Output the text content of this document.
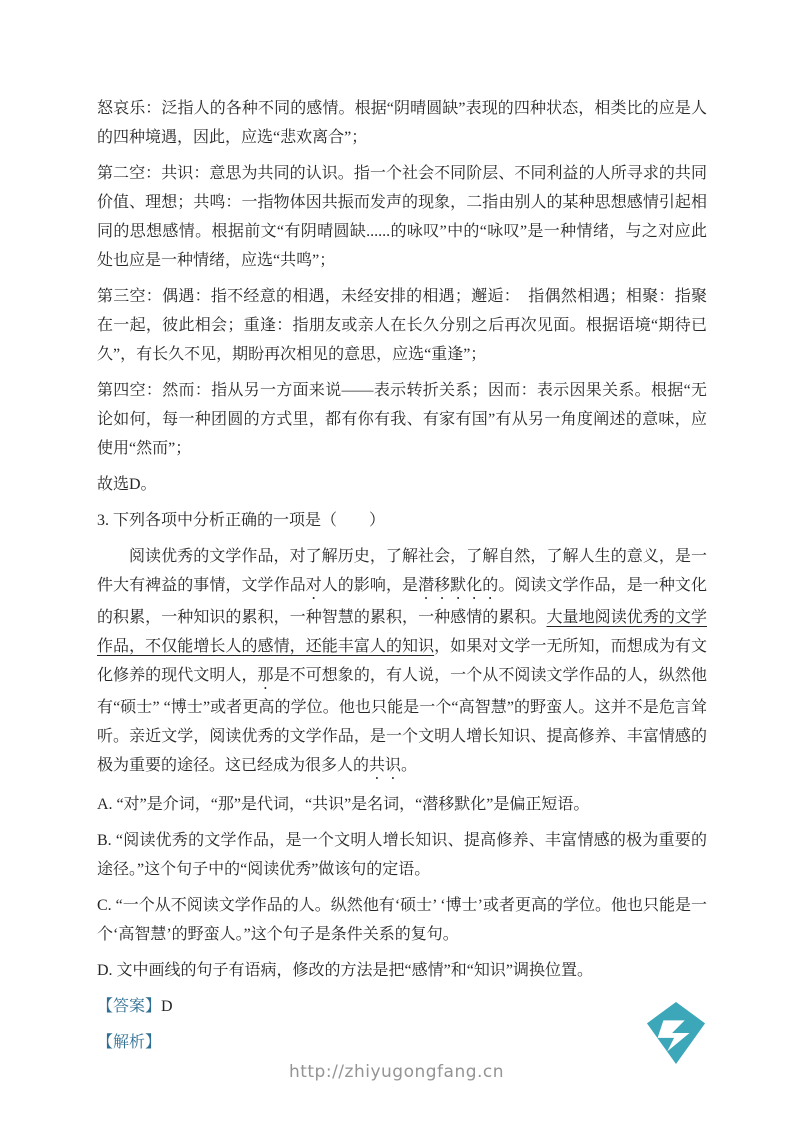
怒哀乐：泛指人的各种不同的感情。根据“阴晴圆缺”表现的四种状态，相类比的应是人的四种境遇，因此，应选“悲欢离合”；

第二空：共识：意思为共同的认识。指一个社会不同阶层、不同利益的人所寻求的共同价值、理想；共鸣：一指物体因共振而发声的现象，二指由别人的某种思想感情引起相同的思想感情。根据前文“有阴晴圆缺......的咏叹”中的“咏叹”是一种情绪，与之对应此处也应是一种情绪，应选“共鸣”；

第三空：偶遇：指不经意的相遇，未经安排的相遇；邂逅：　指偶然相遇；相聚：指聚在一起，彼此相会；重逢：指朋友或亲人在长久分别之后再次见面。根据语境“期待已久”，有长久不见，期盼再次相见的意思，应选“重逢”；

第四空：然而：指从另一方面来说——表示转折关系；因而：表示因果关系。根据“无论如何，每一种团圆的方式里，都有你有我、有家有国”有从另一角度阐述的意味，应使用“然而”；

故选D。

3. 下列各项中分析正确的一项是（　　）

阅读优秀的文学作品，对了解历史，了解社会，了解自然，了解人生的意义，是一件大有裨益的事情，文学作品对人的影响，是潜移默化的。阅读文学作品，是一种文化的积累，一种知识的累积，一种智慧的累积，一种感情的累积。大量地阅读优秀的文学作品，不仅能增长人的感情，还能丰富人的知识，如果对文学一无所知，而想成为有文化修养的现代文明人，那是不可想象的，有人说，一个从不阅读文学作品的人，纵然他有“硕士” “博士”或者更高的学位。他也只能是一个“高智慧”的野蛮人。这并不是危言耸听。亲近文学，阅读优秀的文学作品，是一个文明人增长知识、提高修养、丰富情感的极为重要的途径。这已经成为很多人的共识。

A. “对”是介词，“那”是代词，“共识”是名词，“潜移默化”是偏正短语。

B. “阅读优秀的文学作品，是一个文明人增长知识、提高修养、丰富情感的极为重要的途径。”这个句子中的“阅读优秀”做该句的定语。

C. “一个从不阅读文学作品的人。纵然他有‘硕士’ ‘博士’或者更高的学位。他也只能是一个‘高智慧’的野蛮人。”这个句子是条件关系的复句。

D. 文中画线的句子有语病，修改的方法是把“感情”和“知识”调换位置。

【答案】D

【解析】

http://zhiyugongfang.cn
